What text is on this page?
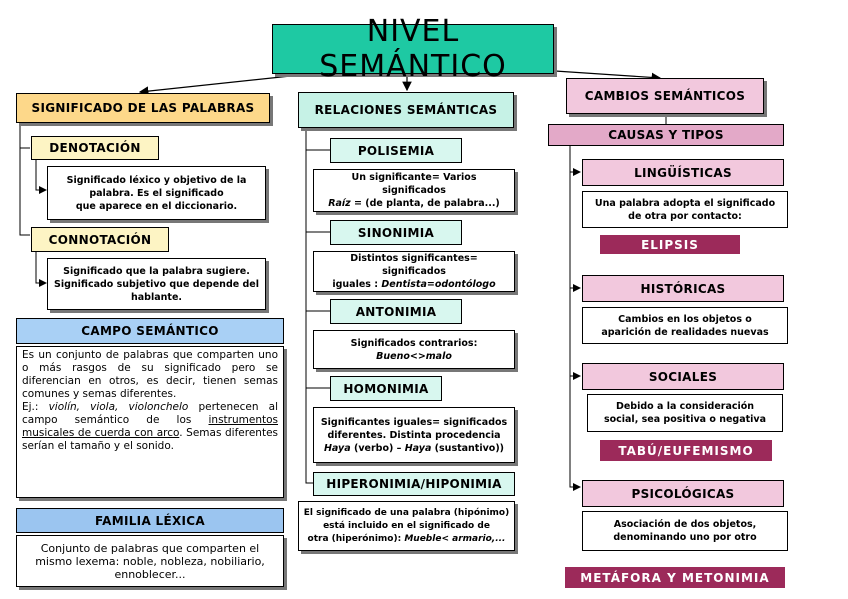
NIVEL SEMÁNTICO
SIGNIFICADO DE LAS PALABRAS
DENOTACIÓN
Significado léxico y objetivo de la
palabra. Es el significado
que aparece en el diccionario.
CONNOTACIÓN
Significado que la palabra sugiere.
Significado subjetivo que depende del
hablante.
CAMPO SEMÁNTICO
Es un conjunto de palabras que comparten uno o más rasgos de su significado pero se diferencian en otros, es decir, tienen semas comunes y semas diferentes.
Ej.: violín, viola, violonchelo pertenecen al campo semántico de los instrumentos musicales de cuerda con arco. Semas diferentes serían el tamaño y el sonido.
FAMILIA LÉXICA
Conjunto de palabras que comparten el mismo lexema: noble, nobleza, nobiliario, ennoblecer...
RELACIONES SEMÁNTICAS
POLISEMIA
Un significante= Varios significados
Raíz = (de planta, de palabra...)
SINONIMIA
Distintos significantes= significados
iguales : Dentista=odontólogo
ANTONIMIA
Significados contrarios:
Bueno<>malo
HOMONIMIA
Significantes iguales= significados
diferentes. Distinta procedencia
Haya (verbo) – Haya (sustantivo))
HIPERONIMIA/HIPONIMIA
El significado de una palabra (hipónimo)
está incluido en el significado de
otra (hiperónimo): Mueble< armario,...
CAMBIOS SEMÁNTICOS
CAUSAS Y TIPOS
LINGÜÍSTICAS
Una palabra adopta el significado
de otra por contacto:
ELIPSIS
HISTÓRICAS
Cambios en los objetos o
aparición de realidades nuevas
SOCIALES
Debido a la consideración
social, sea positiva o negativa
TABÚ/EUFEMISMO
PSICOLÓGICAS
Asociación de dos objetos,
denominando uno por otro
METÁFORA Y METONIMIA
